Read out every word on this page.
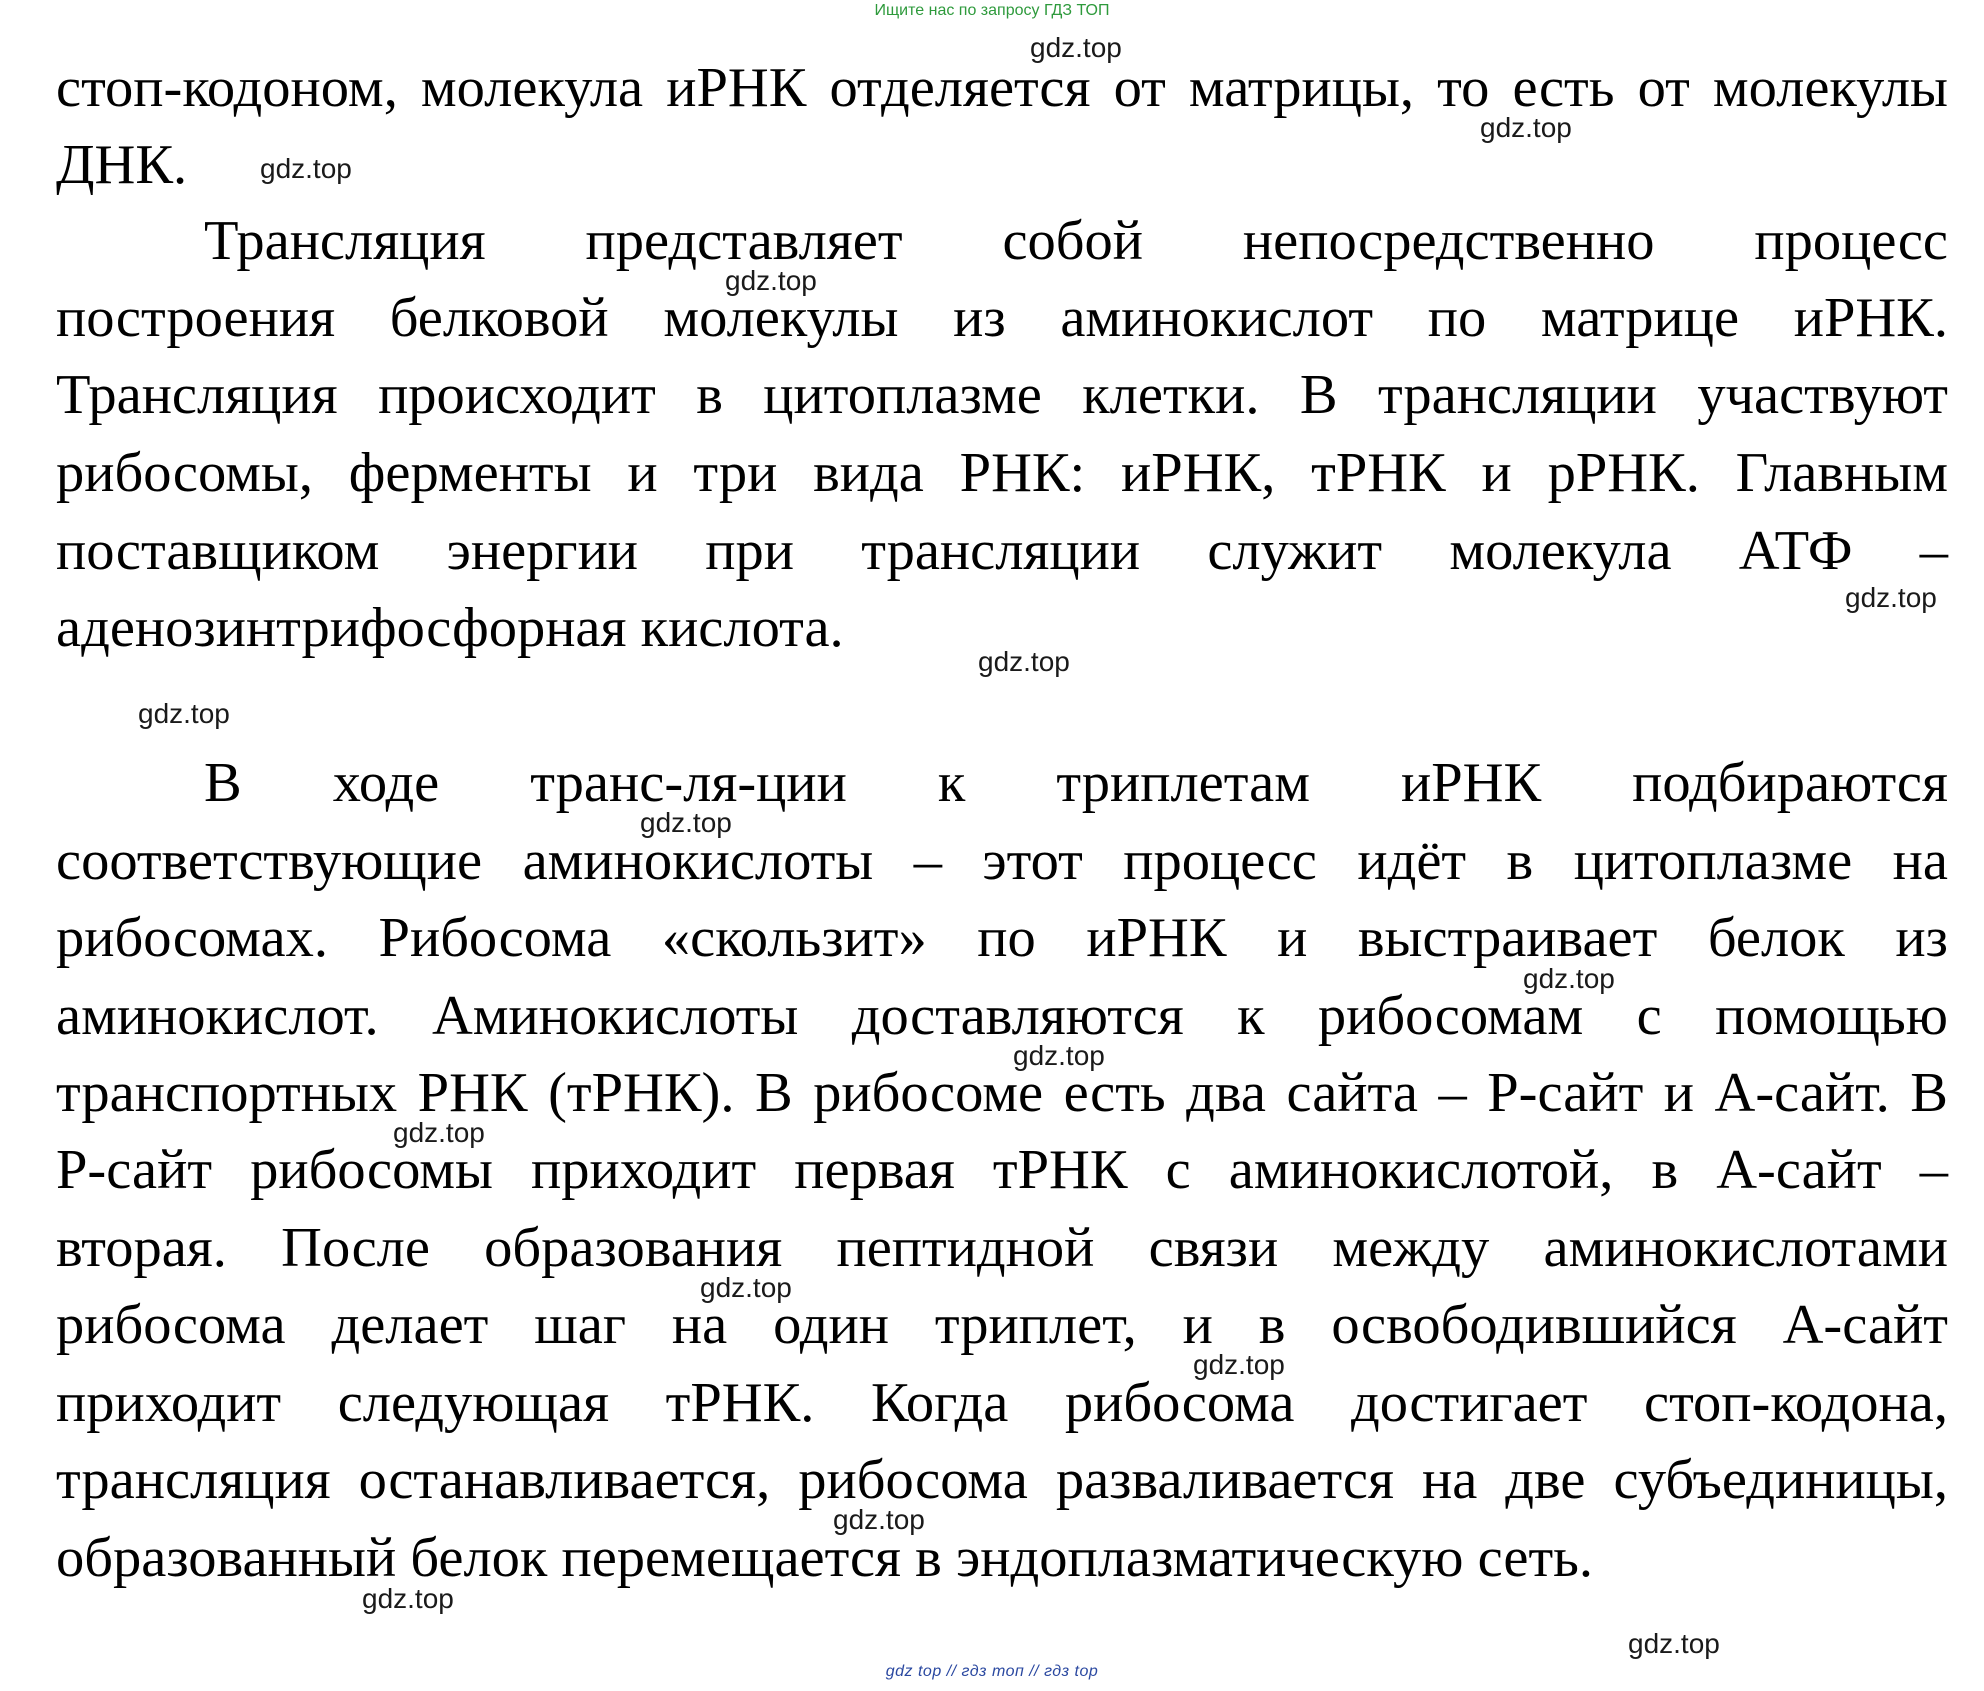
Ищите нас по запросу ГДЗ ТОП
стоп-кодоном, молекула иРНК отделяется от матрицы, то есть от молекулы
ДНК.
Трансляция представляет собой непосредственно процесс
построения белковой молекулы из аминокислот по матрице иРНК.
Трансляция происходит в цитоплазме клетки. В трансляции участвуют
рибосомы, ферменты и три вида РНК: иРНК, тРНК и рРНК. Главным
поставщиком энергии при трансляции служит молекула АТФ –
аденозинтрифосфорная кислота.
В ходе транс-ля-ции к триплетам иРНК подбираются
соответствующие аминокислоты – этот процесс идёт в цитоплазме на
рибосомах. Рибосома «скользит» по иРНК и выстраивает белок из
аминокислот. Аминокислоты доставляются к рибосомам с помощью
транспортных РНК (тРНК). В рибосоме есть два сайта – Р-сайт и А-сайт. В
Р-сайт рибосомы приходит первая тРНК с аминокислотой, в А-сайт –
вторая. После образования пептидной связи между аминокислотами
рибосома делает шаг на один триплет, и в освободившийся А-сайт
приходит следующая тРНК. Когда рибосома достигает стоп-кодона,
трансляция останавливается, рибосома разваливается на две субъединицы,
образованный белок перемещается в эндоплазматическую сеть.
gdz.top
gdz.top
gdz.top
gdz.top
gdz.top
gdz.top
gdz.top
gdz.top
gdz.top
gdz.top
gdz.top
gdz.top
gdz.top
gdz.top
gdz.top
gdz.top
gdz top // гдз топ // гдз top
